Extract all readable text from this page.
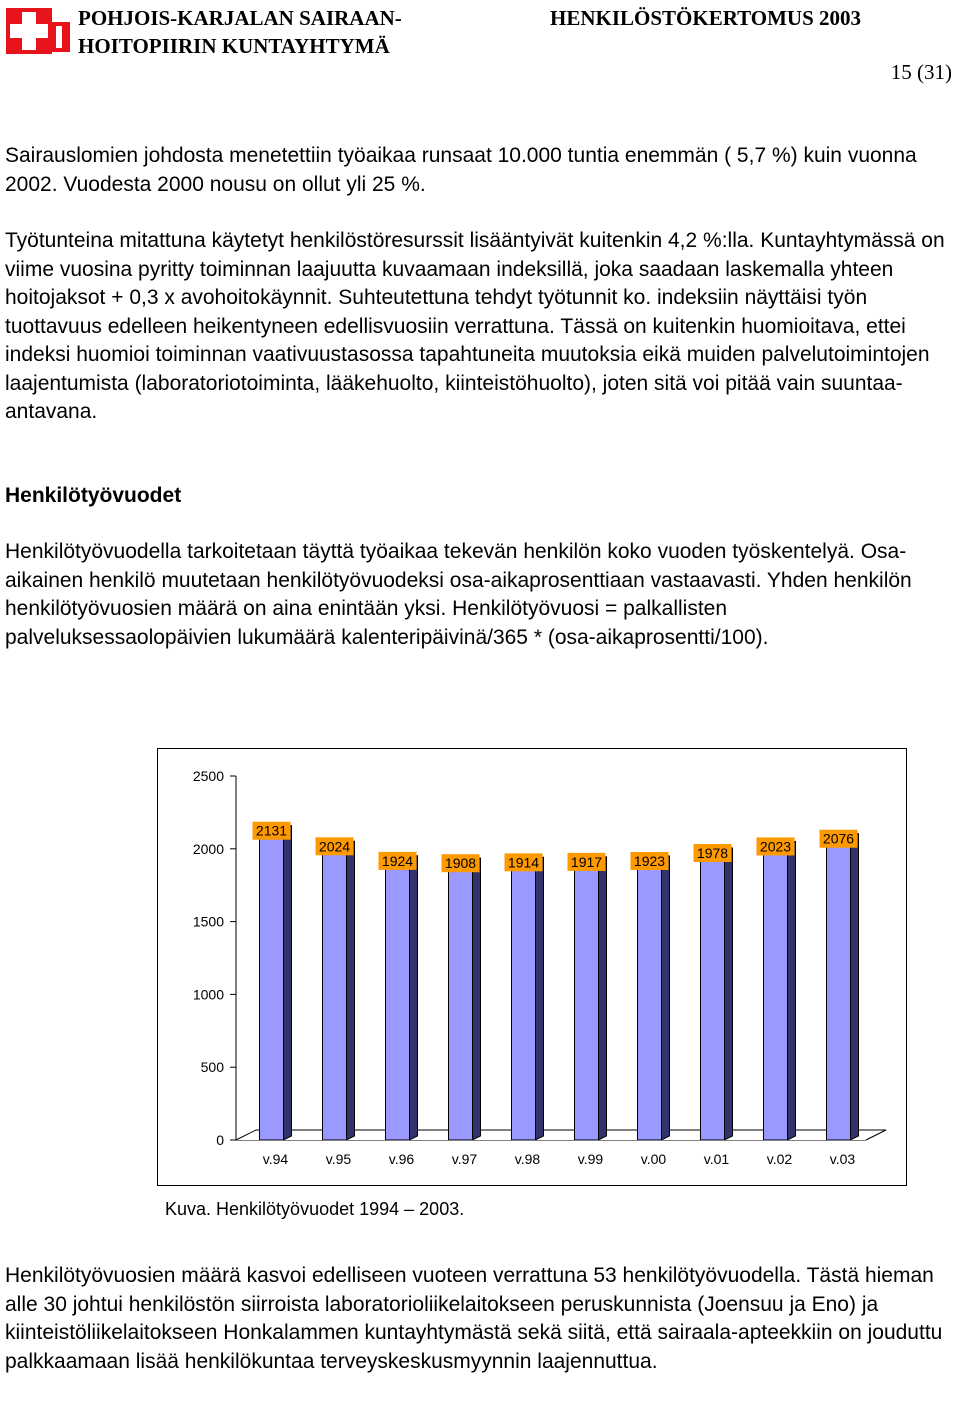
POHJOIS-KARJALAN SAIRAAN-
HOITOPIIRIN KUNTAYHTYMÄ
HENKILÖSTÖKERTOMUS 2003
15 (31)

Sairauslomien johdosta menetettiin työaikaa runsaat 10.000 tuntia enemmän ( 5,7 %) kuin vuonna 2002. Vuodesta 2000 nousu on ollut yli 25 %.

Työtunteina mitattuna käytetyt henkilöstöresurssit lisääntyivät kuitenkin 4,2 %:lla. Kuntayhtymässä on viime vuosina pyritty toiminnan laajuutta kuvaamaan indeksillä, joka saadaan laskemalla yhteen hoitojaksot + 0,3 x avohoitokäynnit. Suhteutettuna tehdyt työtunnit ko. indeksiin näyttäisi työn tuottavuus edelleen heikentyneen edellisvuosiin verrattuna. Tässä on kuitenkin huomioitava, ettei indeksi huomioi toiminnan vaativuustasossa tapahtuneita muutoksia eikä muiden palvelutoimintojen laajentumista (laboratoriotoiminta, lääkehuolto, kiinteistöhuolto), joten sitä voi pitää vain suuntaa-antavana.

Henkilötyövuodet

Henkilötyövuodella tarkoitetaan täyttä työaikaa tekevän henkilön koko vuoden työskentelyä. Osa-aikainen henkilö muutetaan henkilötyövuodeksi osa-aikaprosenttiaan vastaavasti. Yhden henkilön henkilötyövuosien määrä on aina enintään yksi. Henkilötyövuosi = palkallisten palveluksessaolopäivien lukumäärä kalenteripäivinä/365 * (osa-aikaprosentti/100).

0
500
1000
1500
2000
2500
2131
v.94
2024
v.95
1924
v.96
1908
v.97
1914
v.98
1917
v.99
1923
v.00
1978
v.01
2023
v.02
2076
v.03
Kuva. Henkilötyövuodet 1994 – 2003.

Henkilötyövuosien määrä kasvoi edelliseen vuoteen verrattuna 53 henkilötyövuodella. Tästä hieman alle 30 johtui henkilöstön siirroista laboratorioliikelaitokseen peruskunnista (Joensuu ja Eno) ja kiinteistöliikelaitokseen Honkalammen kuntayhtymästä sekä siitä, että sairaala-apteekkiin on jouduttu palkkaamaan lisää henkilökuntaa terveyskeskusmyynnin laajennuttua.
